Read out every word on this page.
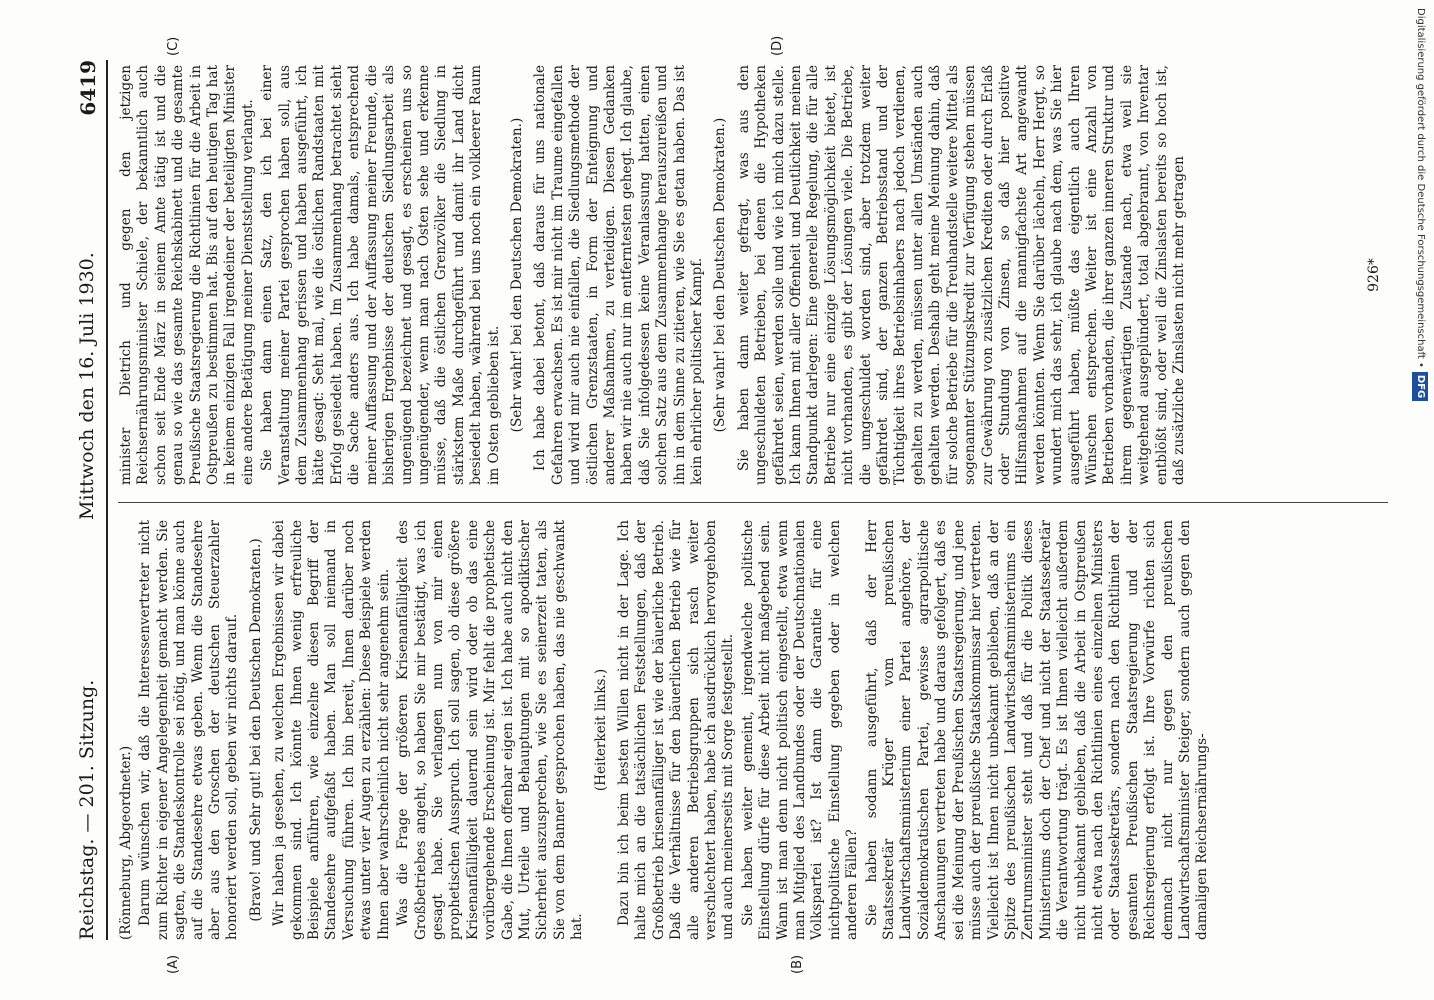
Reichstag. — 201. Sitzung.
Mittwoch den 16. Juli 1930.
6419
(A)	(B)
(C)	(D)

(Rönneburg, Abgeordneter.) Darum wünschen wir, daß die Interessenvertreter nicht zum Richter in eigener Angelegenheit gemacht werden. Sie sagten, die Standeskontrolle sei nötig, und man könne auch auf die Standesehre etwas geben. Wenn die Standesehre aber aus den Groschen der deutschen Steuerzahler honoriert werden soll, geben wir nichts darauf. (Bravo! und Sehr gut! bei den Deutschen Demokraten.) Wir haben ja gesehen, zu welchen Ergebnissen wir dabei gekommen sind. Ich könnte Ihnen wenig erfreuliche Beispiele anführen, wie einzelne diesen Begriff der Standesehre aufgefaßt haben. Man soll niemand in Versuchung führen. Ich bin bereit, Ihnen darüber noch etwas unter vier Augen zu erzählen: Diese Beispiele werden Ihnen aber wahrscheinlich nicht sehr angenehm sein. Was die Frage der größeren Krisenanfälligkeit des Großbetriebes angeht, so haben Sie mir bestätigt, was ich gesagt habe. Sie verlangen nun von mir einen prophetischen Ausspruch. Ich soll sagen, ob diese größere Krisenanfälligkeit dauernd sein wird oder ob das eine vorübergehende Erscheinung ist. Mir fehlt die prophetische Gabe, die Ihnen offenbar eigen ist. Ich habe auch nicht den Mut, Urteile und Behauptungen mit so apodiktischer Sicherheit auszusprechen, wie Sie es seinerzeit taten, als Sie von dem Banner gesprochen haben, das nie geschwankt hat.

(Heiterkeit links.) Dazu bin ich beim besten Willen nicht in der Lage. Ich halte mich an die tatsächlichen Feststellungen, daß der Großbetrieb krisenanfälliger ist wie der bäuerliche Betrieb. Daß die Verhältnisse für den bäuerlichen Betrieb wie für alle anderen Betriebsgruppen sich rasch weiter verschlechtert haben, habe ich ausdrücklich hervorgehoben und auch meinerseits mit Sorge festgestellt. Sie haben weiter gemeint, irgendwelche politische Einstellung dürfe für diese Arbeit nicht maßgebend sein. Wann ist man denn nicht politisch eingestellt, etwa wenn man Mitglied des Landbundes oder der Deutschnationalen Volkspartei ist? Ist dann die Garantie für eine nichtpolitische Einstellung gegeben oder in welchen anderen Fällen? Sie haben sodann ausgeführt, daß der Herr Staatssekretär Krüger vom preußischen Landwirtschaftsministerium einer Partei angehöre, der Sozialdemokratischen Partei, gewisse agrarpolitische Anschauungen vertreten habe und daraus gefolgert, daß es sei die Meinung der Preußischen Staatsregierung, und jene müsse auch der preußische Staatskommissar hier vertreten. Vielleicht ist Ihnen nicht unbekannt geblieben, daß an der Spitze des preußischen Landwirtschaftsministeriums ein Zentrumsminister steht und daß für die Politik dieses Ministeriums doch der Chef und nicht der Staatssekretär die Verantwortung trägt. Es ist Ihnen vielleicht außerdem nicht unbekannt geblieben, daß die Arbeit in Ostpreußen nicht etwa nach den Richtlinien eines einzelnen Ministers oder Staatssekretärs, sondern nach den Richtlinien der gesamten Preußischen Staatsregierung und der Reichsregierung erfolgt ist. Ihre Vorwürfe richten sich demnach nicht nur gegen den preußischen Landwirtschaftsminister Steiger, sondern auch gegen den damaligen Reichsernährungs-

minister Dietrich und gegen den jetzigen Reichsernährungsminister Schiele, der bekanntlich auch schon seit Ende März in seinem Amte tätig ist und die genau so wie das gesamte Reichskabinett und die gesamte Preußische Staatsregierung die Richtlinien für die Arbeit in Ostpreußen zu bestimmen hat. Bis auf den heutigen Tag hat in keinem einzigen Fall irgendeiner der beteiligten Minister eine andere Betätigung meiner Dienststellung verlangt. Sie haben dann einen Satz, den ich bei einer Veranstaltung meiner Partei gesprochen haben soll, aus dem Zusammenhang gerissen und haben ausgeführt, ich hätte gesagt: Seht mal, wie die östlichen Randstaaten mit Erfolg gesiedelt haben. Im Zusammenhang betrachtet sieht die Sache anders aus. Ich habe damals, entsprechend meiner Auffassung und der Auffassung meiner Freunde, die bisherigen Ergebnisse der deutschen Siedlungsarbeit als ungenügend bezeichnet und gesagt, es erscheinen uns so ungenügender, wenn man nach Osten sehe und erkenne müsse, daß die östlichen Grenzvölker die Siedlung in stärkstem Maße durchgeführt und damit ihr Land dicht besiedelt haben, während bei uns noch ein volkleerer Raum im Osten geblieben ist. (Sehr wahr! bei den Deutschen Demokraten.) Ich habe dabei betont, daß daraus für uns nationale Gefahren erwachsen. Es ist mir nicht im Traume eingefallen und wird mir auch nie einfallen, die Siedlungsmethode der östlichen Grenzstaaten, in Form der Enteignung und anderer Maßnahmen, zu verteidigen. Diesen Gedanken haben wir nie auch nur im entferntesten gehegt. Ich glaube, daß Sie infolgedessen keine Veranlassung hatten, einen solchen Satz aus dem Zusammenhange herauszureißen und ihn in dem Sinne zu zitieren, wie Sie es getan haben. Das ist kein ehrlicher politischer Kampf. (Sehr wahr! bei den Deutschen Demokraten.) Sie haben dann weiter gefragt, was aus den ungeschuldeten Betrieben, bei denen die Hypotheken gefährdet seien, werden solle und wie ich mich dazu stelle. Ich kann Ihnen mit aller Offenheit und Deutlichkeit meinen Standpunkt darlegen: Eine generelle Regelung, die für alle Betriebe nur eine einzige Lösungsmöglichkeit bietet, ist nicht vorhanden, es gibt der Lösungen viele. Die Betriebe, die umgeschuldet worden sind, aber trotzdem weiter gefährdet sind, der ganzen Betriebsstand und der Tüchtigkeit ihres Betriebsinhabers nach jedoch verdienen, gehalten zu werden, müssen unter allen Umständen auch gehalten werden. Deshalb geht meine Meinung dahin, daß für solche Betriebe für die Treuhandstelle weitere Mittel als sogenannter Stützungskredit zur Verfügung stehen müssen zur Gewährung von zusätzlichen Krediten oder durch Erlaß oder Stundung von Zinsen, so daß hier positive Hilfsmaßnahmen auf die mannigfachste Art angewandt werden könnten. Wenn Sie darüber lächeln, Herr Hergt, so wundert mich das sehr, ich glaube nach dem, was Sie hier ausgeführt haben, müßte das eigentlich auch Ihren Wünschen entsprechen. Weiter ist eine Anzahl von Betrieben vorhanden, die ihrer ganzen inneren Struktur und ihrem gegenwärtigen Zustande nach, etwa weil sie weitgehend ausgeplündert, total abgebrannt, von Inventar entblößt sind, oder weil die Zinslasten bereits so hoch ist, daß zusätzliche Zinslasten nicht mehr getragen	926*	Digitalisierung gefördert durch die Deutsche Forschungsgemeinschaft •DFG
